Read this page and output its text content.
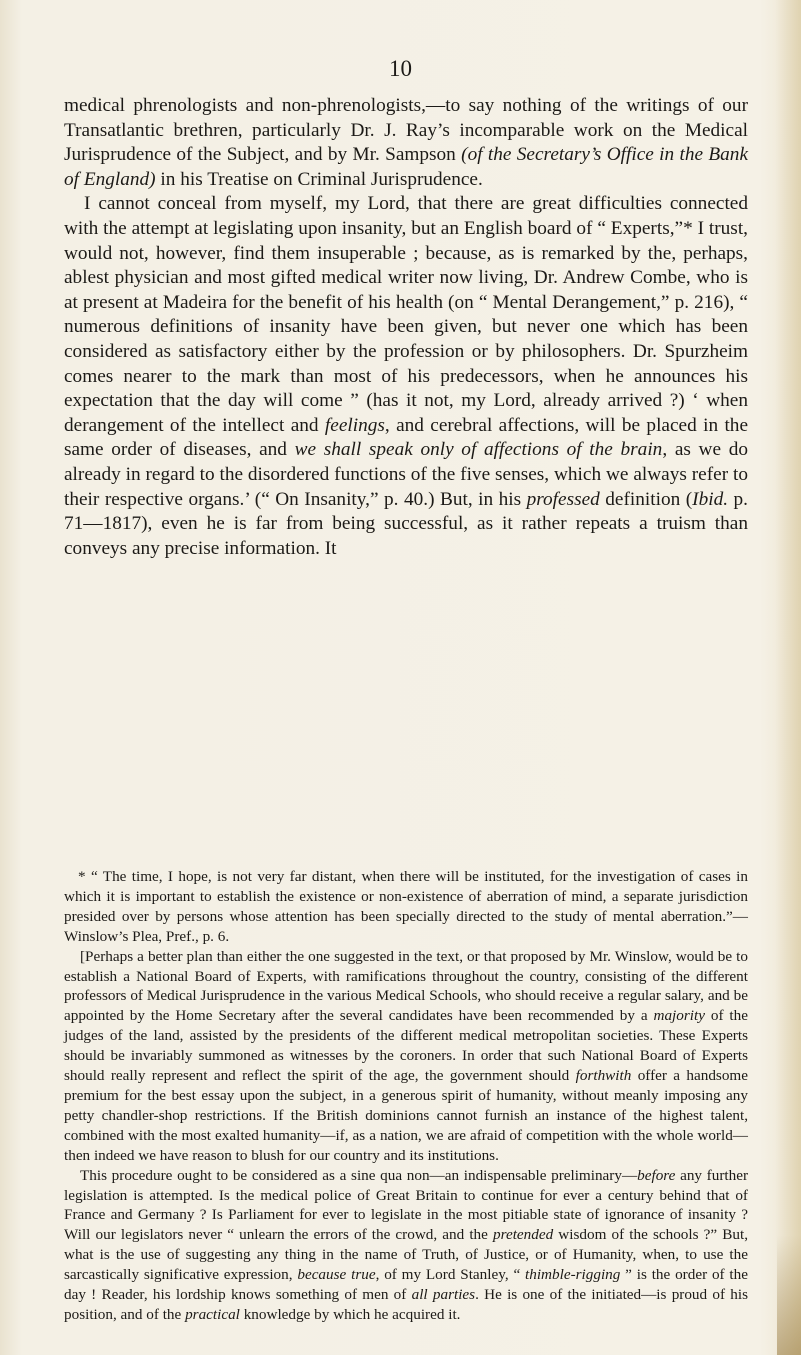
10

medical phrenologists and non-phrenologists,—to say nothing of the writings of our Transatlantic brethren, particularly Dr. J. Ray’s incomparable work on the Medical Jurisprudence of the Subject, and by Mr. Sampson (of the Secretary’s Office in the Bank of England) in his Treatise on Criminal Jurisprudence.

I cannot conceal from myself, my Lord, that there are great difficulties connected with the attempt at legislating upon insanity, but an English board of “ Experts,”* I trust, would not, however, find them insuperable ; because, as is remarked by the, perhaps, ablest physician and most gifted medical writer now living, Dr. Andrew Combe, who is at present at Madeira for the benefit of his health (on “ Mental Derangement,” p. 216), “ numerous definitions of insanity have been given, but never one which has been considered as satisfactory either by the profession or by philosophers. Dr. Spurzheim comes nearer to the mark than most of his predecessors, when he announces his expectation that the day will come ” (has it not, my Lord, already arrived ?) ‘ when derangement of the intellect and feelings, and cerebral affections, will be placed in the same order of diseases, and we shall speak only of affections of the brain, as we do already in regard to the disordered functions of the five senses, which we always refer to their respective organs.’ (“ On Insanity,” p. 40.) But, in his professed definition (Ibid. p. 71—1817), even he is far from being successful, as it rather repeats a truism than conveys any precise information. It

* “ The time, I hope, is not very far distant, when there will be instituted, for the investigation of cases in which it is important to establish the existence or non-existence of aberration of mind, a separate jurisdiction presided over by persons whose attention has been specially directed to the study of mental aberration.”—Winslow’s Plea, Pref., p. 6.

[Perhaps a better plan than either the one suggested in the text, or that proposed by Mr. Winslow, would be to establish a National Board of Experts, with ramifications throughout the country, consisting of the different professors of Medical Jurisprudence in the various Medical Schools, who should receive a regular salary, and be appointed by the Home Secretary after the several candidates have been recommended by a majority of the judges of the land, assisted by the presidents of the different medical metropolitan societies. These Experts should be invariably summoned as witnesses by the coroners. In order that such National Board of Experts should really represent and reflect the spirit of the age, the government should forthwith offer a handsome premium for the best essay upon the subject, in a generous spirit of humanity, without meanly imposing any petty chandler-shop restrictions. If the British dominions cannot furnish an instance of the highest talent, combined with the most exalted humanity—if, as a nation, we are afraid of competition with the whole world—then indeed we have reason to blush for our country and its institutions.

This procedure ought to be considered as a sine qua non—an indispensable preliminary—before any further legislation is attempted. Is the medical police of Great Britain to continue for ever a century behind that of France and Germany ? Is Parliament for ever to legislate in the most pitiable state of ignorance of insanity ? Will our legislators never “ unlearn the errors of the crowd, and the pretended wisdom of the schools ?” But, what is the use of suggesting any thing in the name of Truth, of Justice, or of Humanity, when, to use the sarcastically significative expression, because true, of my Lord Stanley, “ thimble-rigging ” is the order of the day ! Reader, his lordship knows something of men of all parties. He is one of the initiated—is proud of his position, and of the practical knowledge by which he acquired it.
